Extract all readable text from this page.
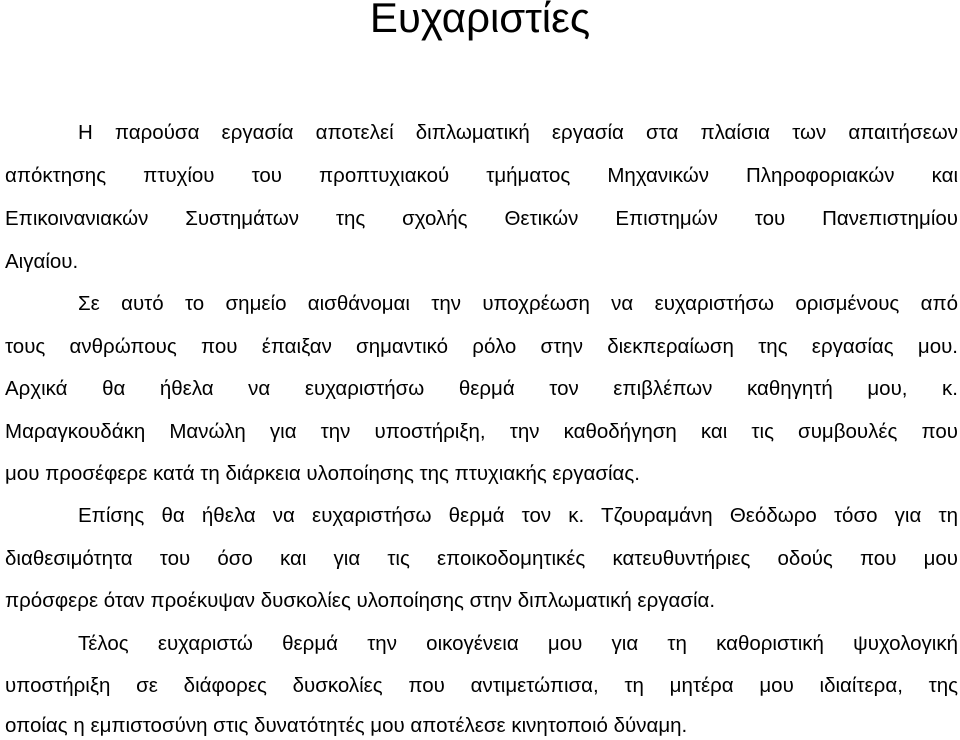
Ευχαριστίες

Η παρούσα εργασία αποτελεί διπλωματική εργασία στα πλαίσια των απαιτήσεων

απόκτησης πτυχίου του προπτυχιακού τμήματος Μηχανικών Πληροφοριακών και

Επικοινανιακών Συστημάτων της σχολής Θετικών Επιστημών του Πανεπιστημίου

Αιγαίου.

Σε αυτό το σημείο αισθάνομαι την υποχρέωση να ευχαριστήσω ορισμένους από

τους ανθρώπους που έπαιξαν σημαντικό ρόλο στην διεκπεραίωση της εργασίας μου.

Αρχικά θα ήθελα να ευχαριστήσω θερμά τον επιβλέπων καθηγητή μου, κ.

Μαραγκουδάκη Μανώλη για την υποστήριξη, την καθοδήγηση και τις συμβουλές που

μου προσέφερε κατά τη διάρκεια υλοποίησης της πτυχιακής εργασίας.

Επίσης θα ήθελα να ευχαριστήσω θερμά τον κ. Τζουραμάνη Θεόδωρο τόσο για τη

διαθεσιμότητα του όσο και για τις εποικοδομητικές κατευθυντήριες οδούς που μου

πρόσφερε όταν προέκυψαν δυσκολίες υλοποίησης στην διπλωματική εργασία.

Τέλος ευχαριστώ θερμά την οικογένεια μου για τη καθοριστική ψυχολογική

υποστήριξη σε διάφορες δυσκολίες που αντιμετώπισα, τη μητέρα μου ιδιαίτερα, της

οποίας η εμπιστοσύνη στις δυνατότητές μου αποτέλεσε κινητοποιό δύναμη.
